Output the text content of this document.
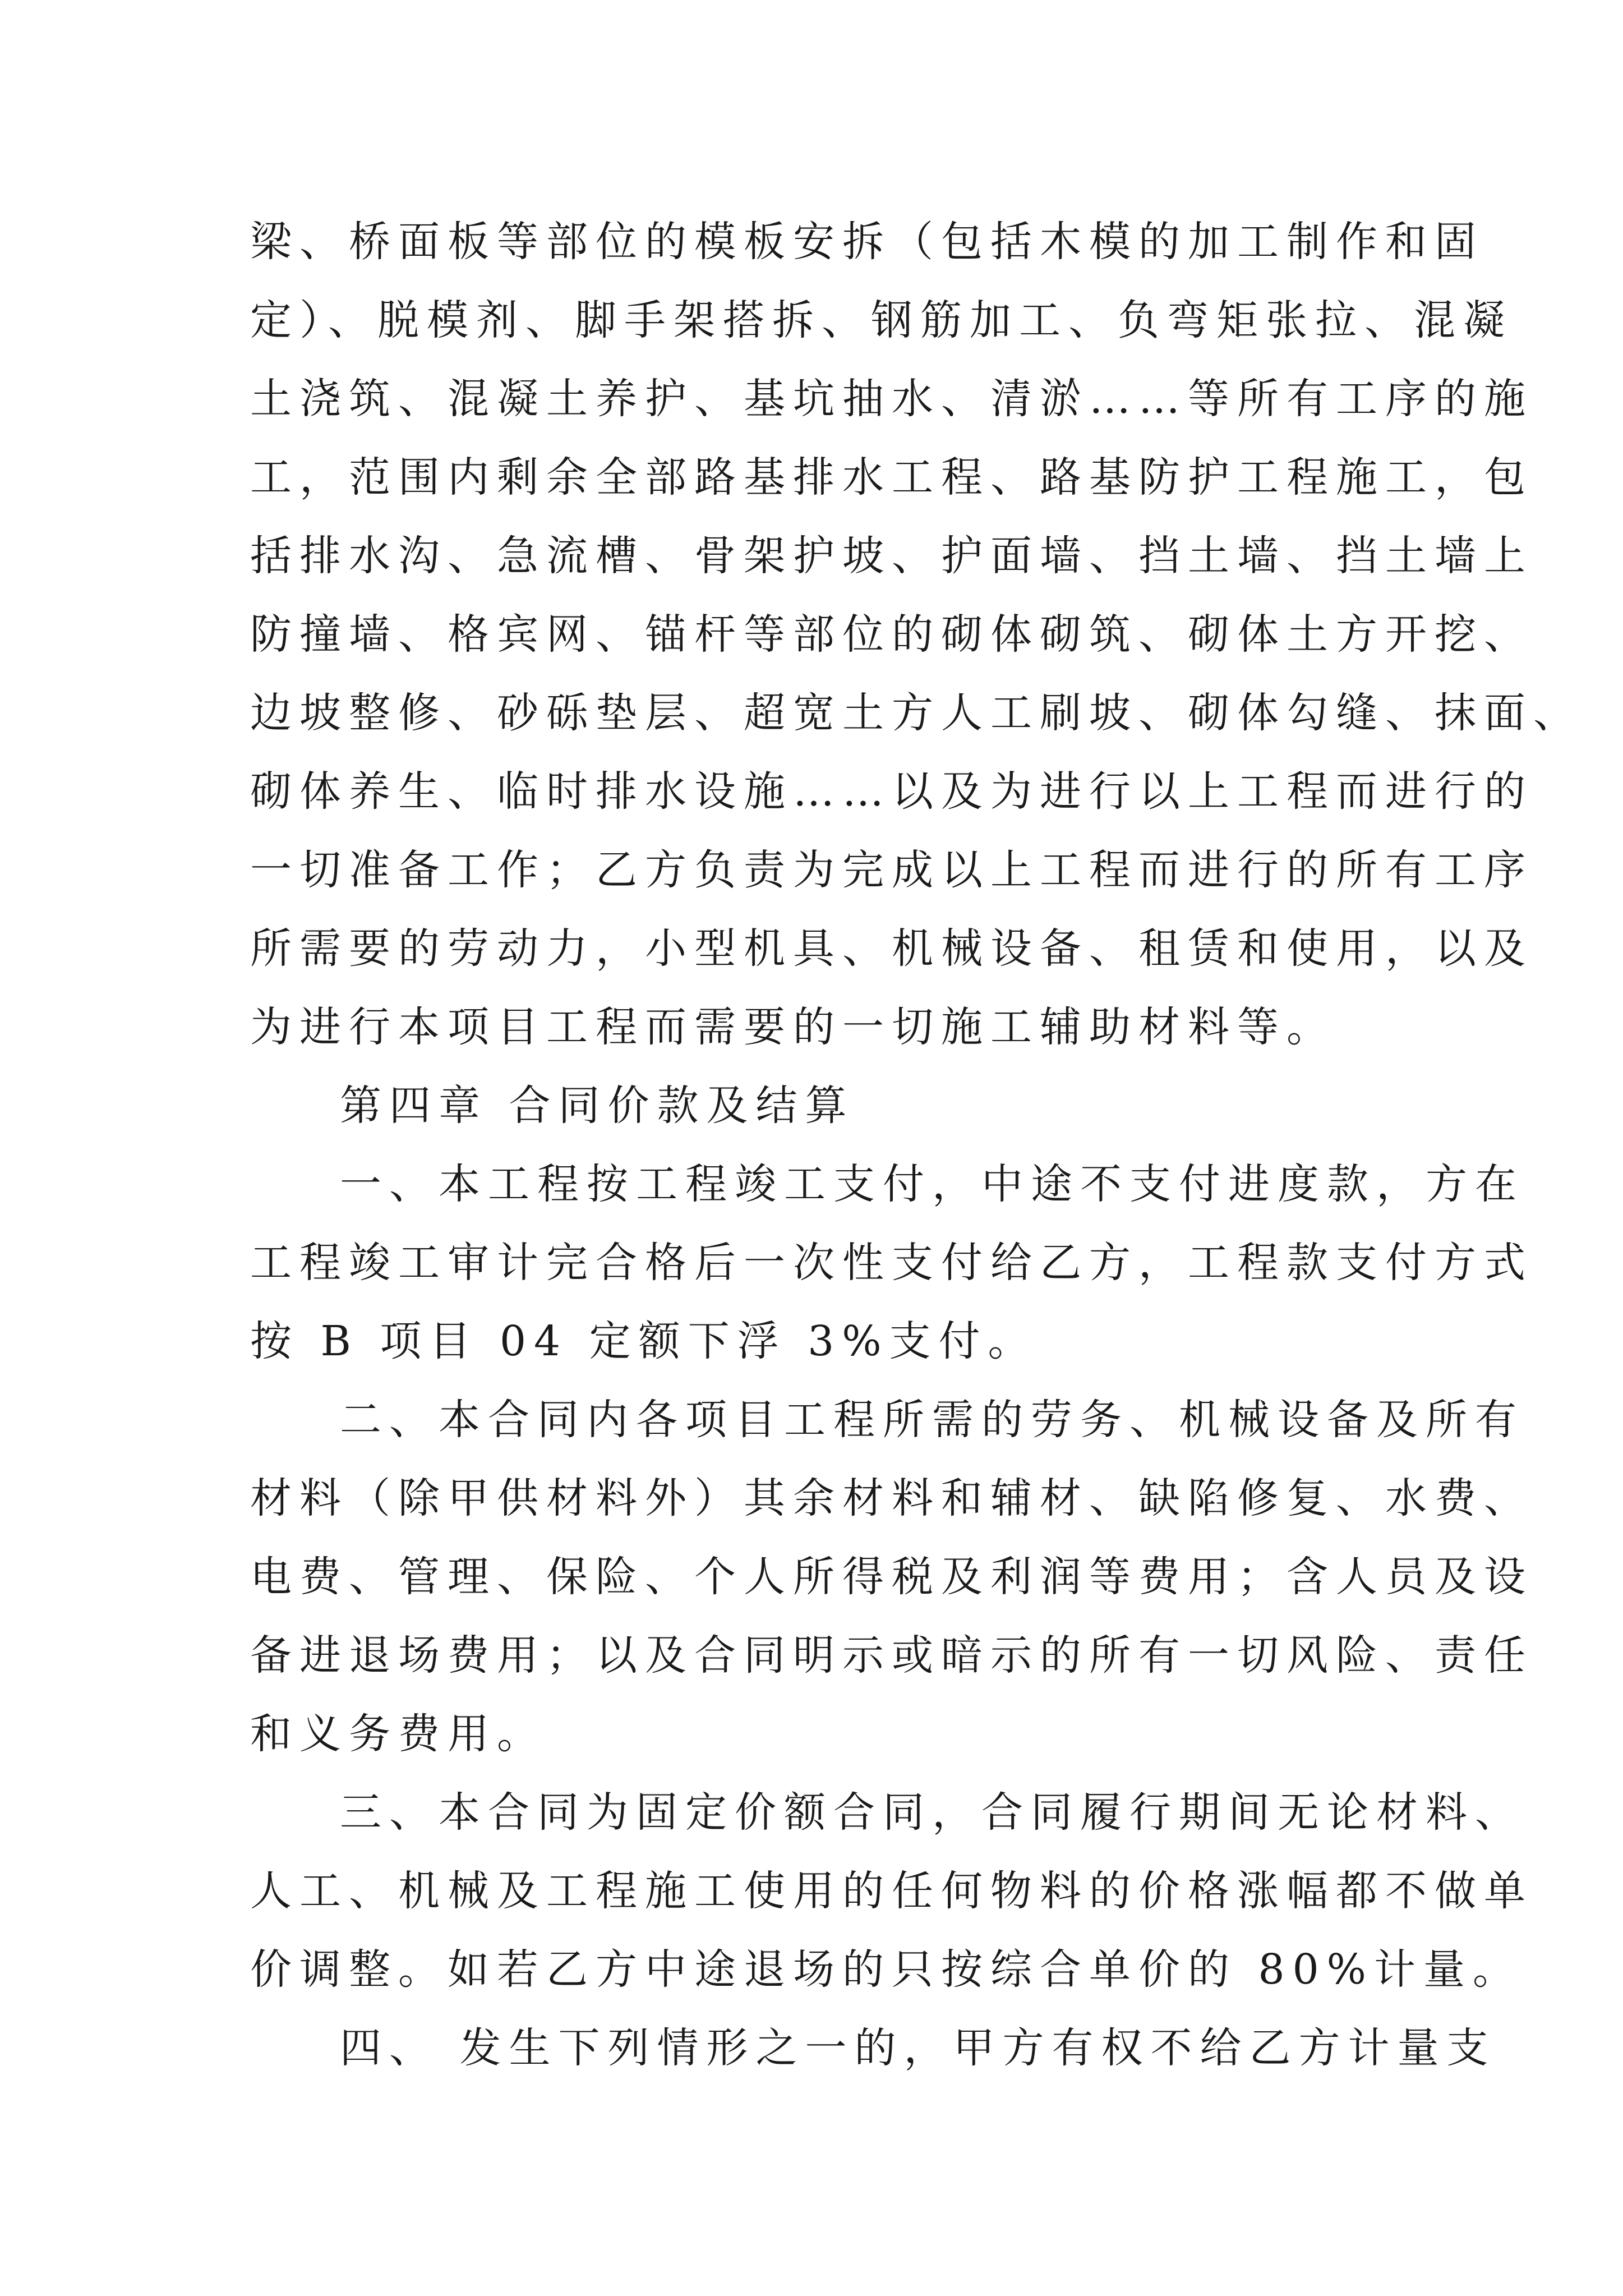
梁、桥面板等部位的模板安拆（包括木模的加工制作和固
定）、脱模剂、脚手架搭拆、钢筋加工、负弯矩张拉、混凝
土浇筑、混凝土养护、基坑抽水、清淤……等所有工序的施
工，范围内剩余全部路基排水工程、路基防护工程施工，包
括排水沟、急流槽、骨架护坡、护面墙、挡土墙、挡土墙上
防撞墙、格宾网、锚杆等部位的砌体砌筑、砌体土方开挖、
边坡整修、砂砾垫层、超宽土方人工刷坡、砌体勾缝、抹面、
砌体养生、临时排水设施……以及为进行以上工程而进行的
一切准备工作；乙方负责为完成以上工程而进行的所有工序
所需要的劳动力，小型机具、机械设备、租赁和使用，以及
为进行本项目工程而需要的一切施工辅助材料等。
第四章 合同价款及结算
一、本工程按工程竣工支付，中途不支付进度款，方在
工程竣工审计完合格后一次性支付给乙方，工程款支付方式
按 B 项目 04 定额下浮 3%支付。
二、本合同内各项目工程所需的劳务、机械设备及所有
材料（除甲供材料外）其余材料和辅材、缺陷修复、水费、
电费、管理、保险、个人所得税及利润等费用；含人员及设
备进退场费用；以及合同明示或暗示的所有一切风险、责任
和义务费用。
三、本合同为固定价额合同，合同履行期间无论材料、
人工、机械及工程施工使用的任何物料的价格涨幅都不做单
价调整。如若乙方中途退场的只按综合单价的 80%计量。
四、 发生下列情形之一的，甲方有权不给乙方计量支
